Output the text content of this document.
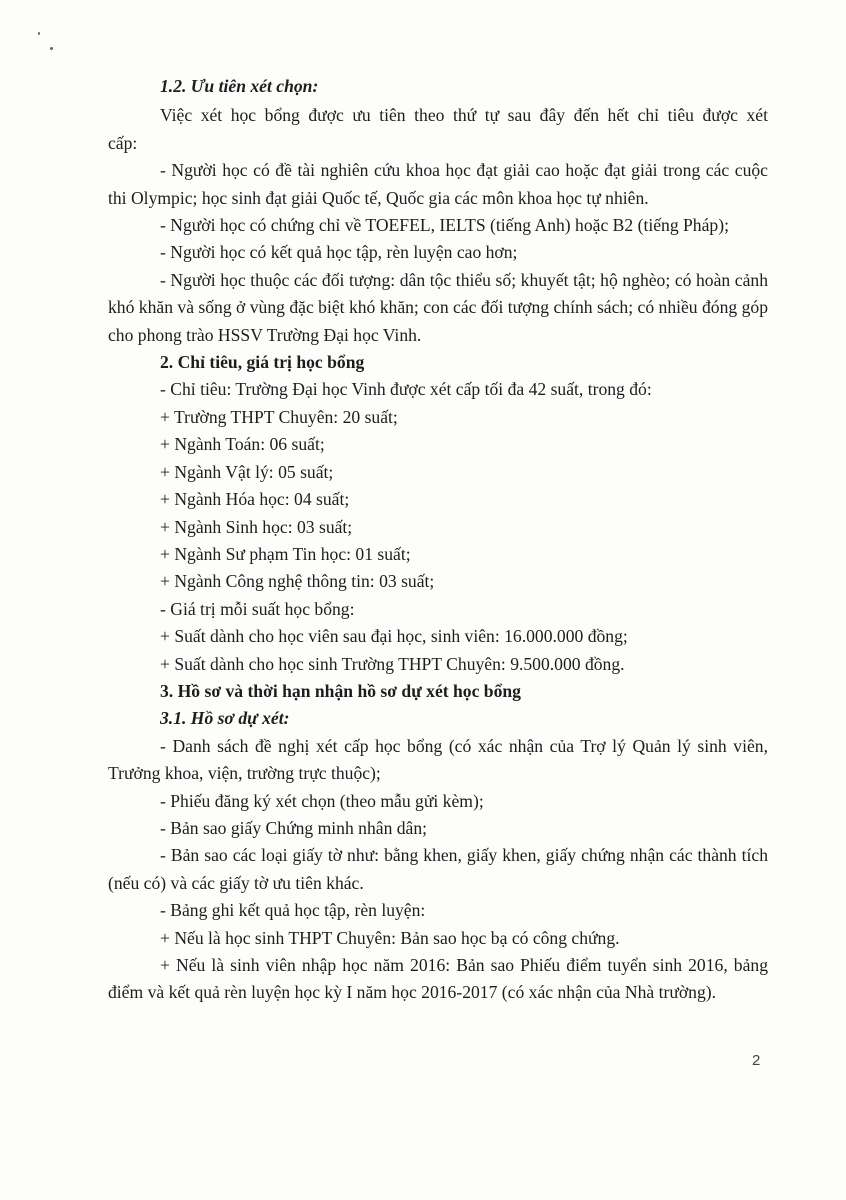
1.2. Ưu tiên xét chọn:

Việc xét học bổng được ưu tiên theo thứ tự sau đây đến hết chỉ tiêu được xét

cấp:

- Người học có đề tài nghiên cứu khoa học đạt giải cao hoặc đạt giải trong các cuộc thi Olympic; học sinh đạt giải Quốc tế, Quốc gia các môn khoa học tự nhiên.

- Người học có chứng chỉ về TOEFEL, IELTS (tiếng Anh) hoặc B2 (tiếng Pháp);

- Người học có kết quả học tập, rèn luyện cao hơn;

- Người học thuộc các đối tượng: dân tộc thiểu số; khuyết tật; hộ nghèo; có hoàn cảnh khó khăn và sống ở vùng đặc biệt khó khăn; con các đối tượng chính sách; có nhiều đóng góp cho phong trào HSSV Trường Đại học Vinh.

2. Chỉ tiêu, giá trị học bổng

- Chỉ tiêu: Trường Đại học Vinh được xét cấp tối đa 42 suất, trong đó:

+ Trường THPT Chuyên: 20 suất;

+ Ngành Toán: 06 suất;

+ Ngành Vật lý: 05 suất;

+ Ngành Hóa học: 04 suất;

+ Ngành Sinh học: 03 suất;

+ Ngành Sư phạm Tin học: 01 suất;

+ Ngành Công nghệ thông tin: 03 suất;

- Giá trị mỗi suất học bổng:

+ Suất dành cho học viên sau đại học, sinh viên: 16.000.000 đồng;

+ Suất dành cho học sinh Trường THPT Chuyên: 9.500.000 đồng.

3. Hồ sơ và thời hạn nhận hồ sơ dự xét học bổng

3.1. Hồ sơ dự xét:

- Danh sách đề nghị xét cấp học bổng (có xác nhận của Trợ lý Quản lý sinh viên, Trưởng khoa, viện, trường trực thuộc);

- Phiếu đăng ký xét chọn (theo mẫu gửi kèm);

- Bản sao giấy Chứng minh nhân dân;

- Bản sao các loại giấy tờ như: bằng khen, giấy khen, giấy chứng nhận các thành tích (nếu có) và các giấy tờ ưu tiên khác.

- Bảng ghi kết quả học tập, rèn luyện:

+ Nếu là học sinh THPT Chuyên: Bản sao học bạ có công chứng.

+ Nếu là sinh viên nhập học năm 2016: Bản sao Phiếu điểm tuyển sinh 2016, bảng điểm và kết quả rèn luyện học kỳ I năm học 2016-2017 (có xác nhận của Nhà trường).

2
